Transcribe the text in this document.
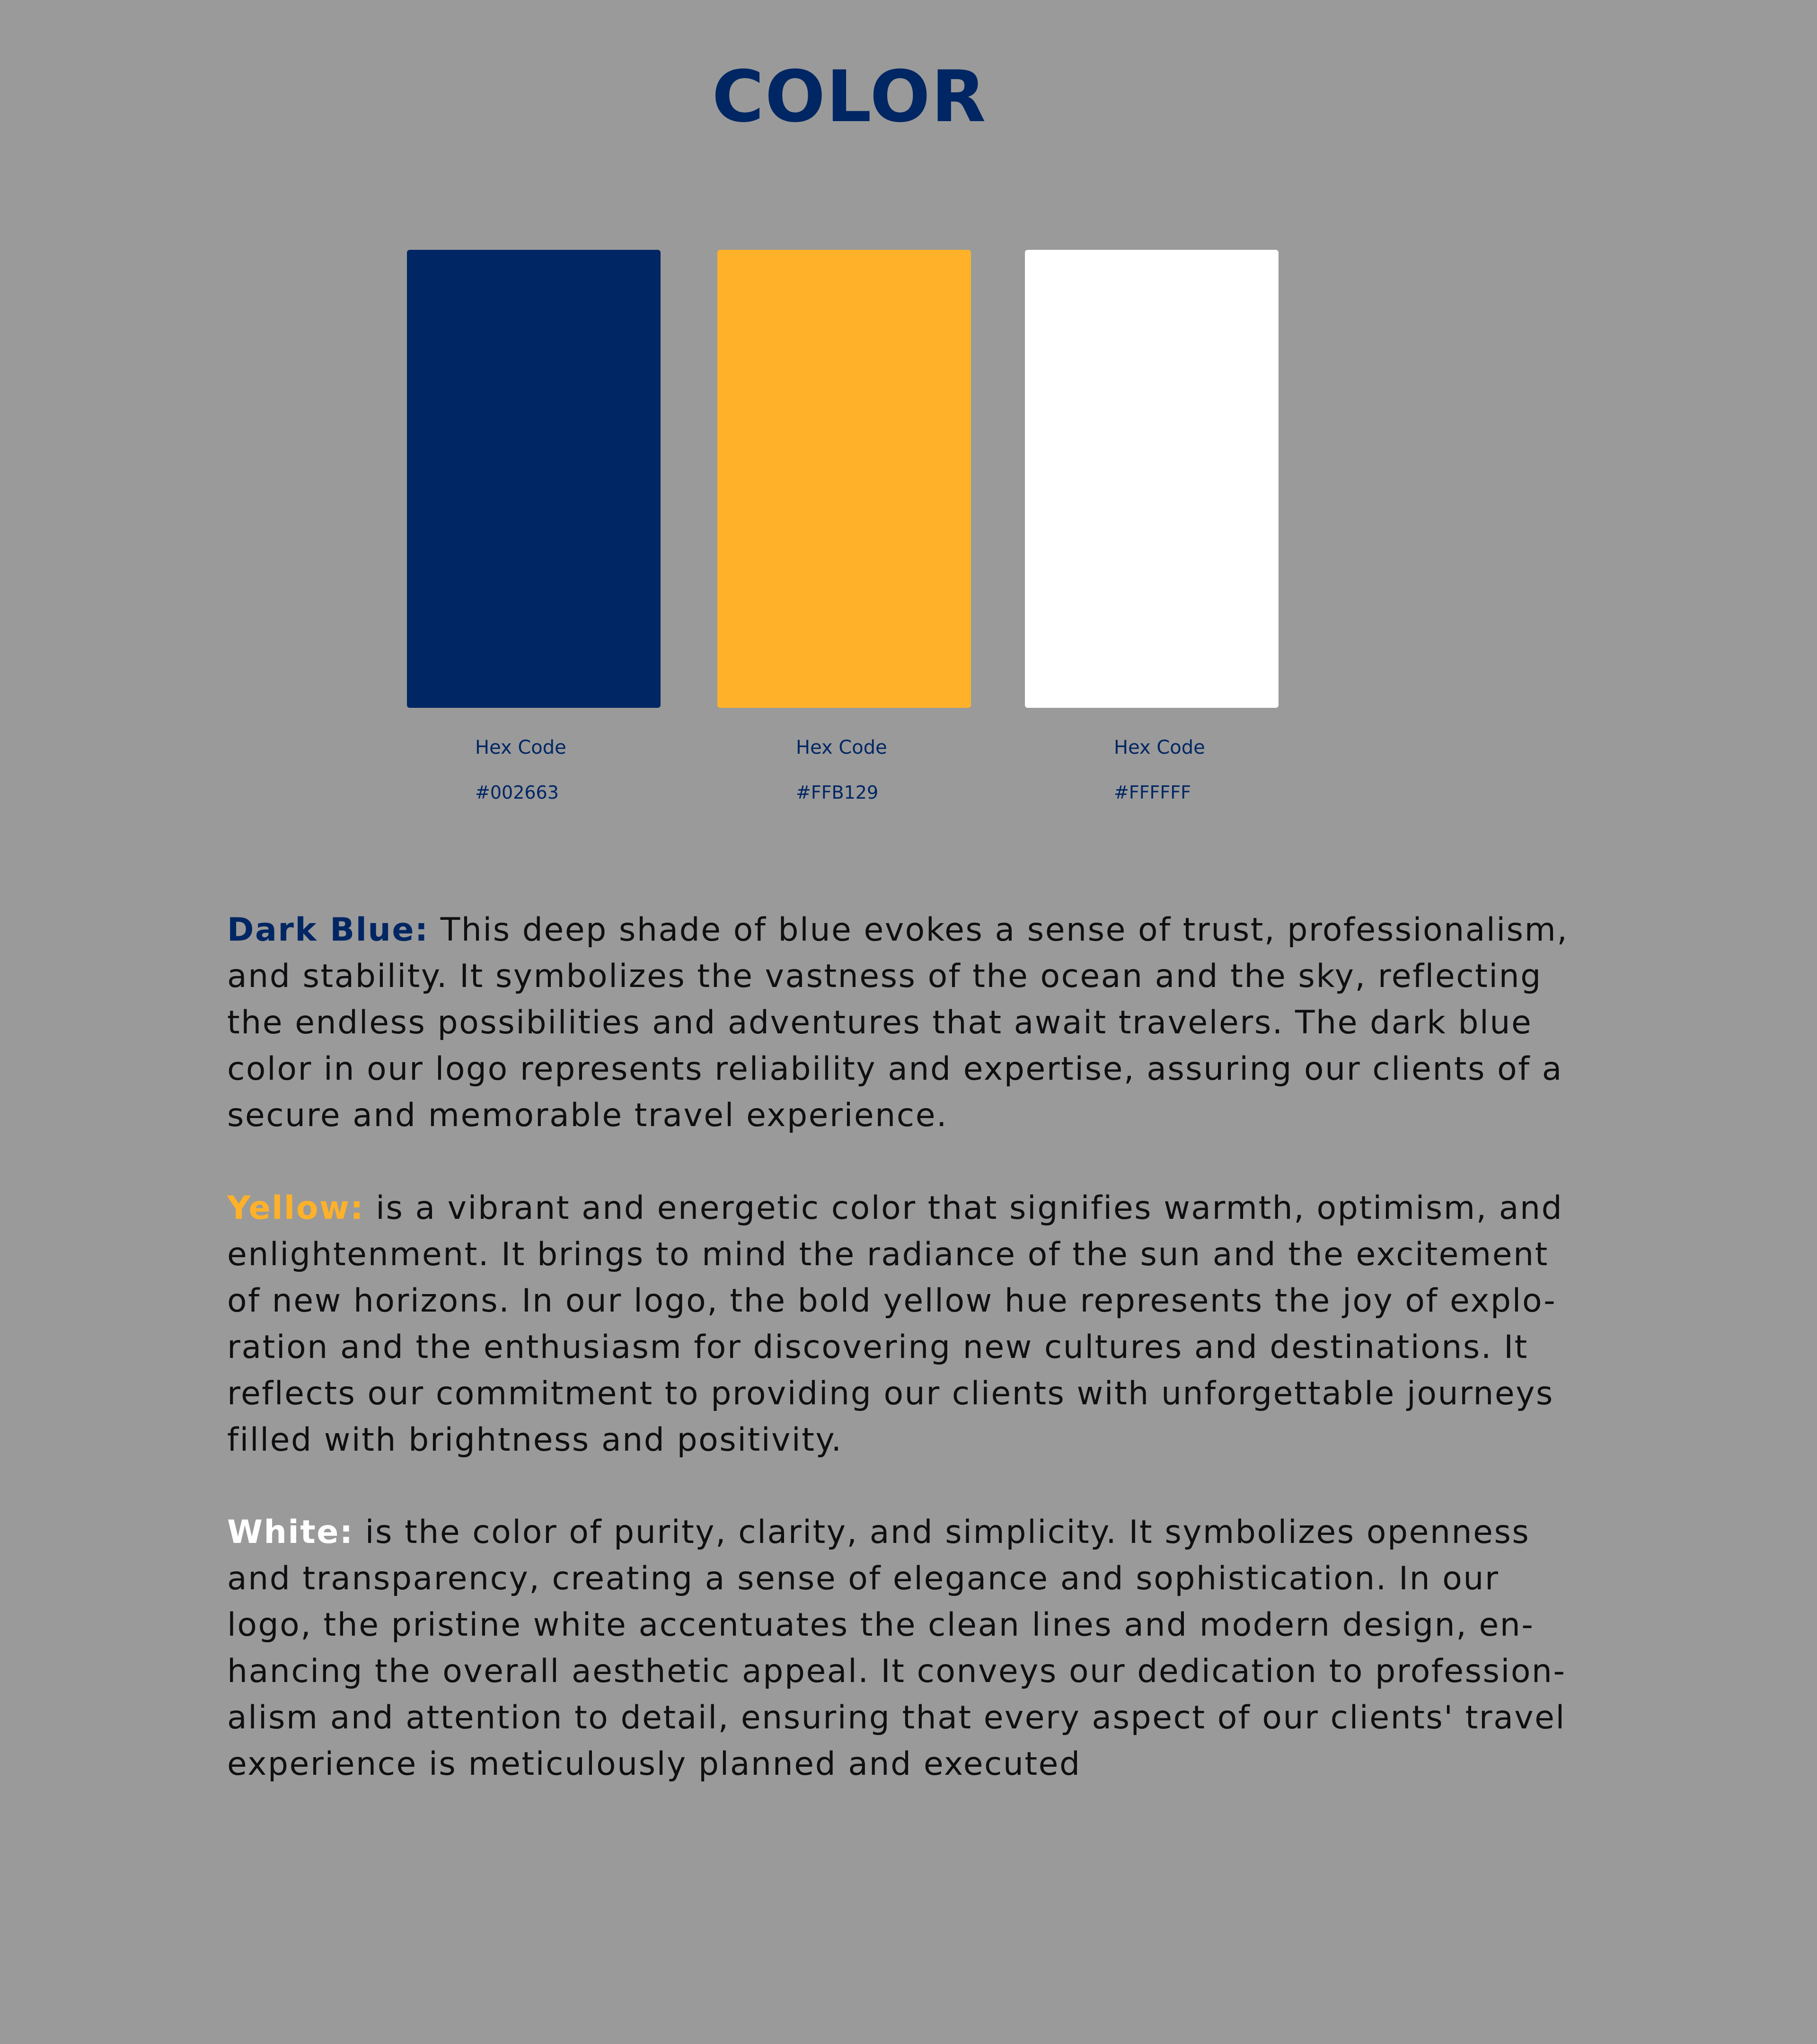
COLOR
Hex Code	Hex Code	Hex Code
#002663	#FFB129	#FFFFFF

Dark Blue: This deep shade of blue evokes a sense of trust, professionalism,
and stability. It symbolizes the vastness of the ocean and the sky, reflecting
the endless possibilities and adventures that await travelers. The dark blue
color in our logo represents reliability and expertise, assuring our clients of a
secure and memorable travel experience.

Yellow: is a vibrant and energetic color that signifies warmth, optimism, and
enlightenment. It brings to mind the radiance of the sun and the excitement
of new horizons. In our logo, the bold yellow hue represents the joy of explo-
ration and the enthusiasm for discovering new cultures and destinations. It
reflects our commitment to providing our clients with unforgettable journeys
filled with brightness and positivity.

White: is the color of purity, clarity, and simplicity. It symbolizes openness
and transparency, creating a sense of elegance and sophistication. In our
logo, the pristine white accentuates the clean lines and modern design, en-
hancing the overall aesthetic appeal. It conveys our dedication to profession-
alism and attention to detail, ensuring that every aspect of our clients' travel
experience is meticulously planned and executed
